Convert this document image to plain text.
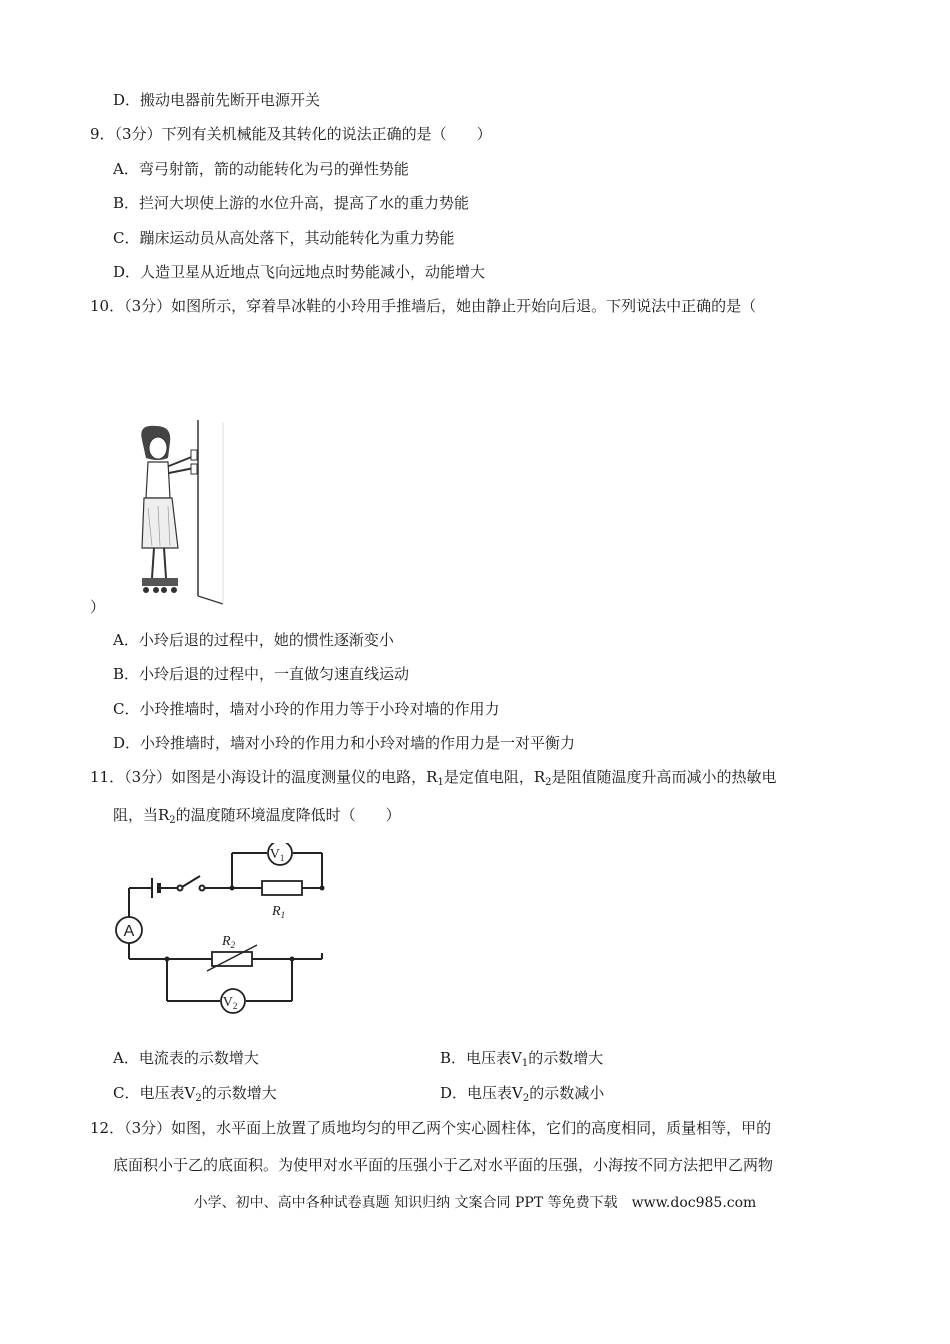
D．搬动电器前先断开电源开关
9．（3分）下列有关机械能及其转化的说法正确的是（　　）
A．弯弓射箭，箭的动能转化为弓的弹性势能
B．拦河大坝使上游的水位升高，提高了水的重力势能
C．蹦床运动员从高处落下，其动能转化为重力势能
D．人造卫星从近地点飞向远地点时势能减小，动能增大
10．（3分）如图所示，穿着旱冰鞋的小玲用手推墙后，她由静止开始向后退。下列说法中正确的是（
）
A．小玲后退的过程中，她的惯性逐渐变小
B．小玲后退的过程中，一直做匀速直线运动
C．小玲推墙时，墙对小玲的作用力等于小玲对墙的作用力
D．小玲推墙时，墙对小玲的作用力和小玲对墙的作用力是一对平衡力
11．（3分）如图是小海设计的温度测量仪的电路，$R_1$是定值电阻，$R_2$是阻值随温度升高而减小的热敏电
阻，当$R_2$的温度随环境温度降低时（　　）
A
$V_1$
$V_2$
$R_1$
$R_2$
A．电流表的示数增大	B．电压表$V_1$的示数增大
C．电压表$V_2$的示数增大	D．电压表$V_2$的示数减小
12．（3分）如图，水平面上放置了质地均匀的甲乙两个实心圆柱体，它们的高度相同，质量相等，甲的
底面积小于乙的底面积。为使甲对水平面的压强小于乙对水平面的压强，小海按不同方法把甲乙两物
小学、初中、高中各种试卷真题 知识归纳 文案合同 PPT 等免费下载　www.doc985.com
